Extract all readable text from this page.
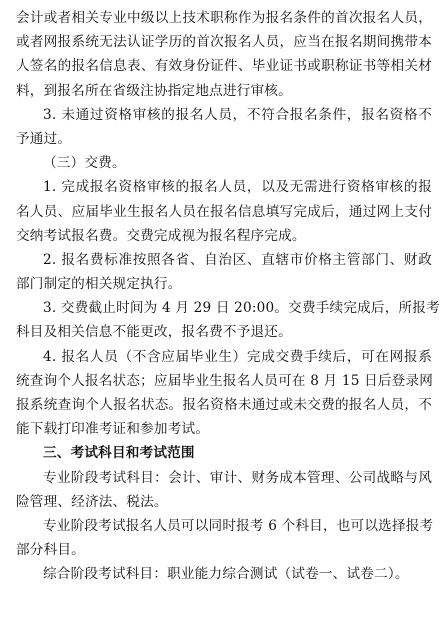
会计或者相关专业中级以上技术职称作为报名条件的首次报名人员，
或者网报系统无法认证学历的首次报名人员，应当在报名期间携带本
人签名的报名信息表、有效身份证件、毕业证书或职称证书等相关材
料，到报名所在省级注协指定地点进行审核。
3. 未通过资格审核的报名人员，不符合报名条件，报名资格不
予通过。
（三）交费。
1. 完成报名资格审核的报名人员，以及无需进行资格审核的报
名人员、应届毕业生报名人员在报名信息填写完成后，通过网上支付
交纳考试报名费。交费完成视为报名程序完成。
2. 报名费标准按照各省、自治区、直辖市价格主管部门、财政
部门制定的相关规定执行。
3. 交费截止时间为 4 月 29 日 20:00。交费手续完成后，所报考
科目及相关信息不能更改，报名费不予退还。
4. 报名人员（不含应届毕业生）完成交费手续后，可在网报系
统查询个人报名状态；应届毕业生报名人员可在 8 月 15 日后登录网
报系统查询个人报名状态。报名资格未通过或未交费的报名人员，不
能下载打印准考证和参加考试。
三、考试科目和考试范围
专业阶段考试科目：会计、审计、财务成本管理、公司战略与风
险管理、经济法、税法。
专业阶段考试报名人员可以同时报考 6 个科目，也可以选择报考
部分科目。
综合阶段考试科目：职业能力综合测试（试卷一、试卷二）。
